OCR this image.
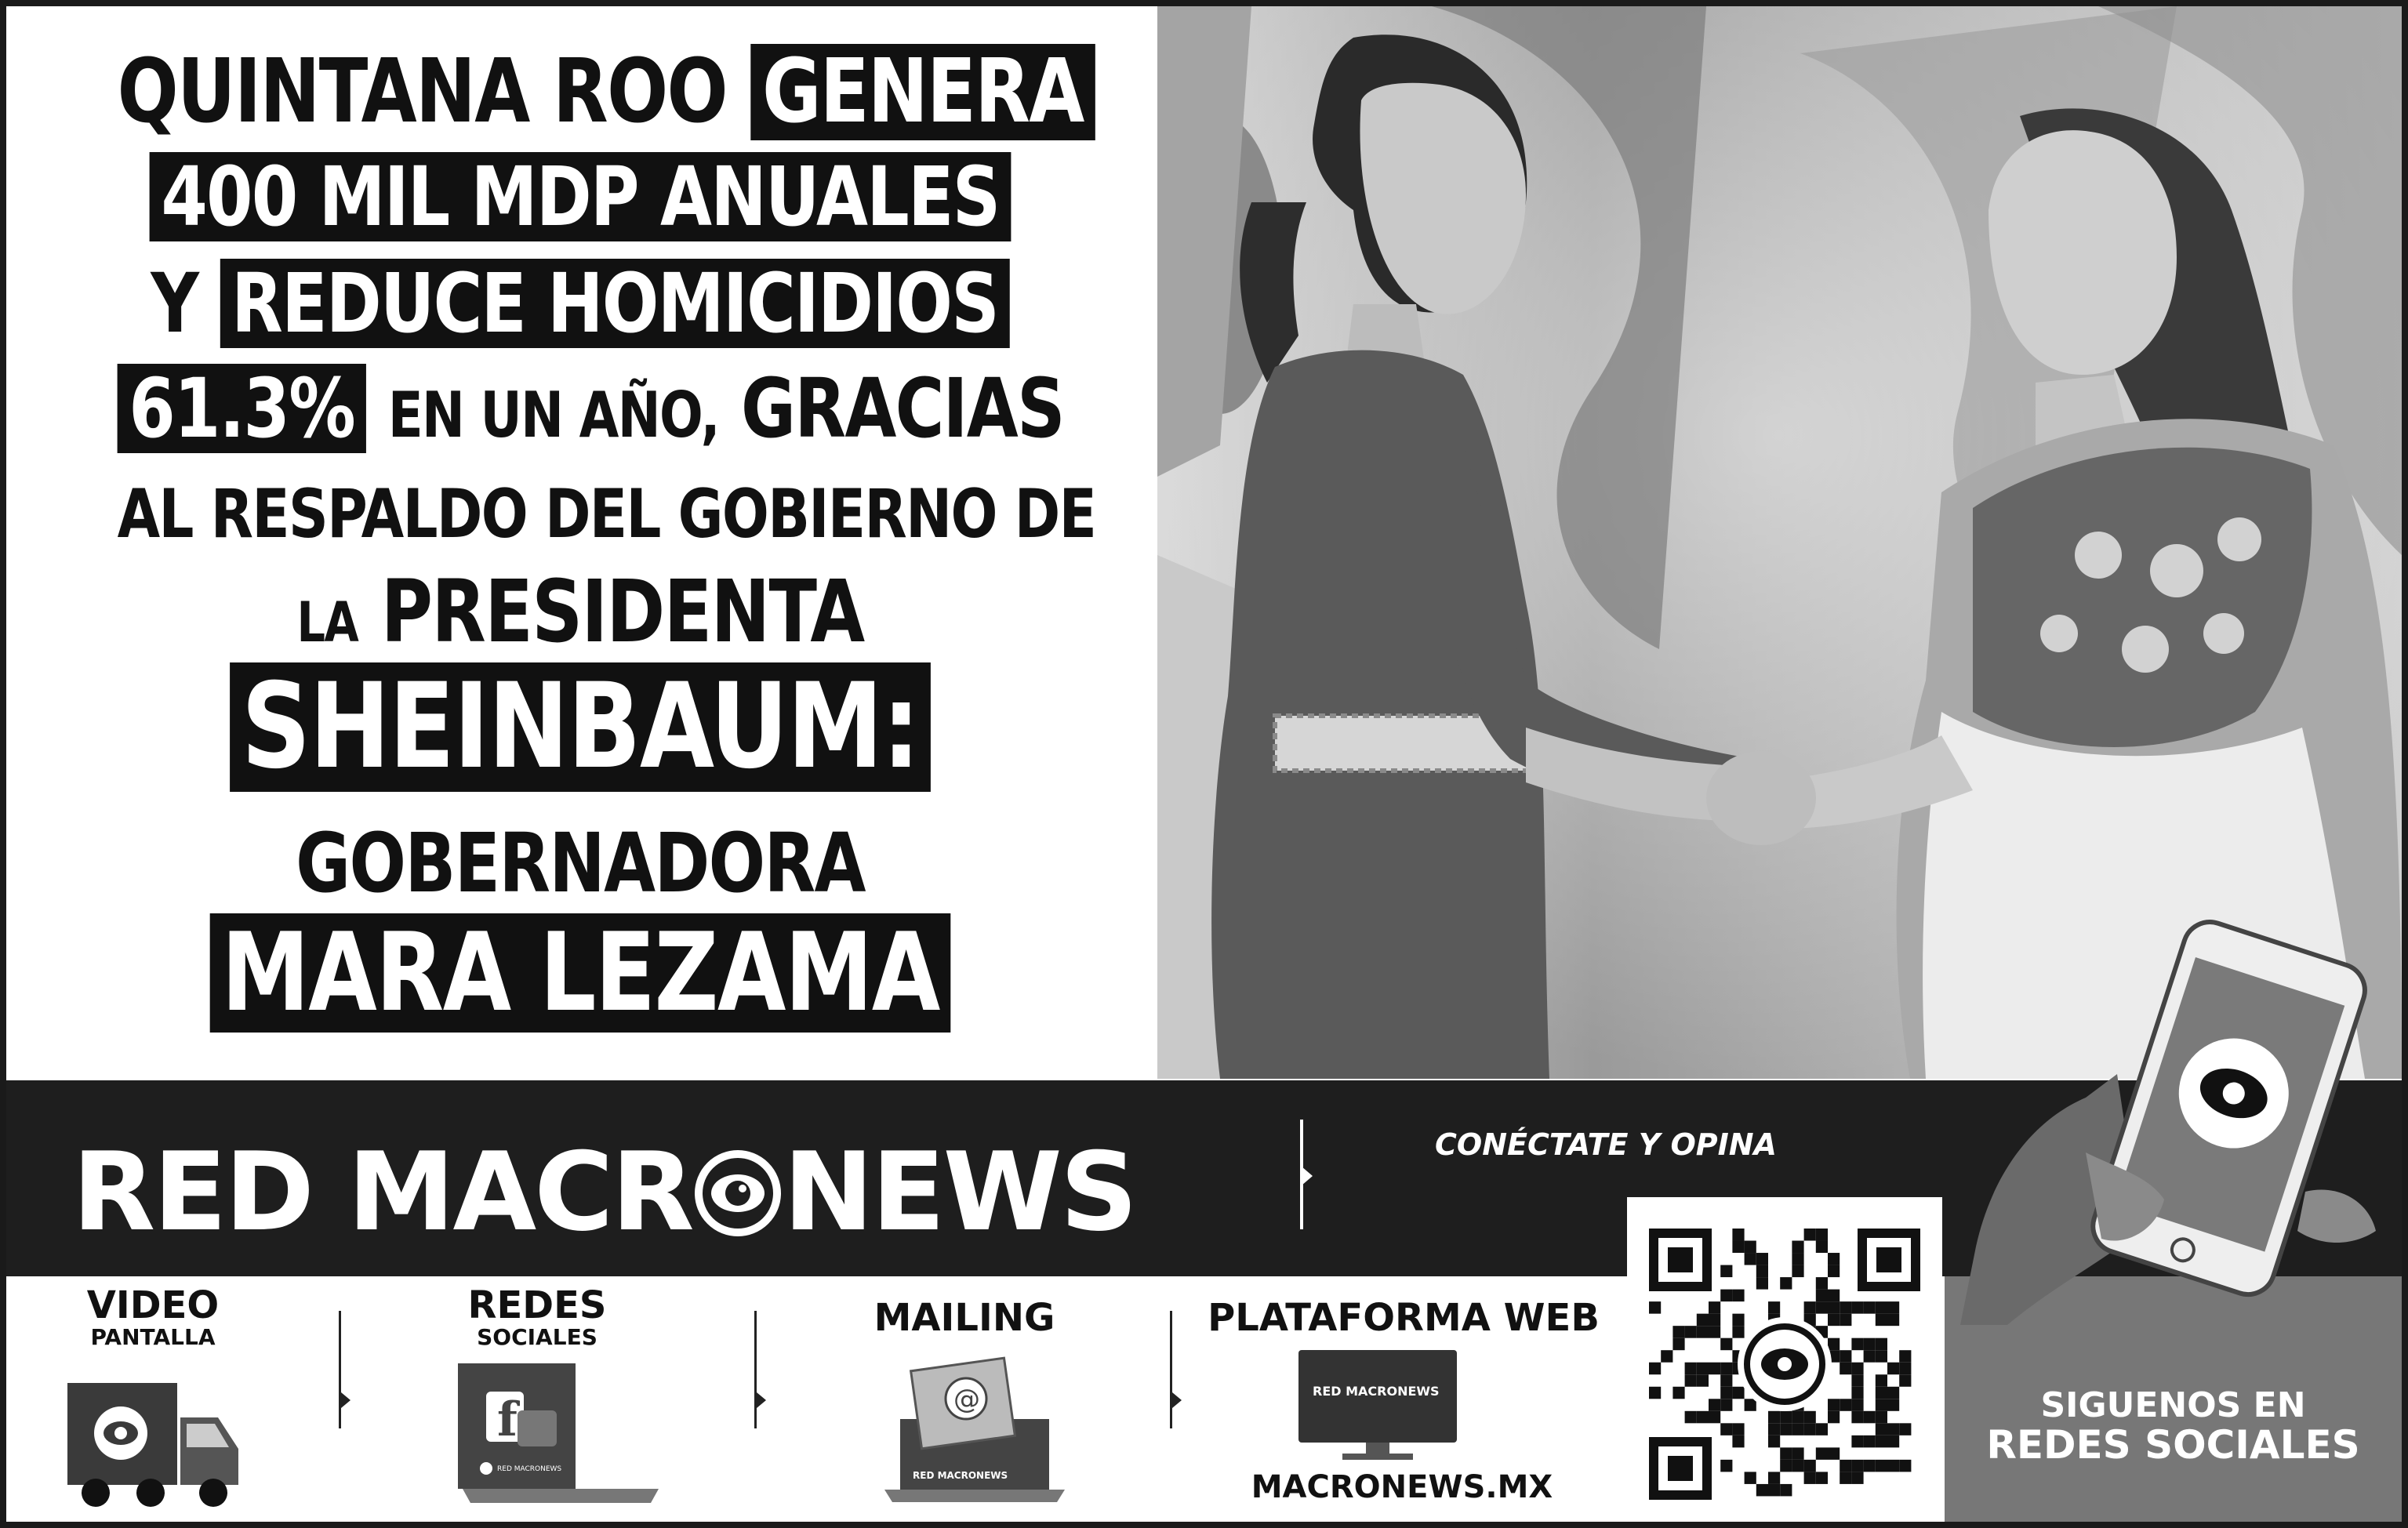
QUINTANA ROO GENERA
400 MIL MDP ANUALES
Y REDUCE HOMICIDIOS
61.3% EN UN AÑO, GRACIAS
AL RESPALDO DEL GOBIERNO DE
LA PRESIDENTA
SHEINBAUM:
GOBERNADORA
MARA LEZAMA
RED MACR NEWS	CONÉCTATE Y OPINA
VIDEO
PANTALLA
REDES
SOCIALES
f
RED MACRONEWS
MAILING
@
RED MACRONEWS
PLATAFORMA WEB
RED MACRONEWS
MACRONEWS.MX
SIGUENOS EN
REDES SOCIALES
